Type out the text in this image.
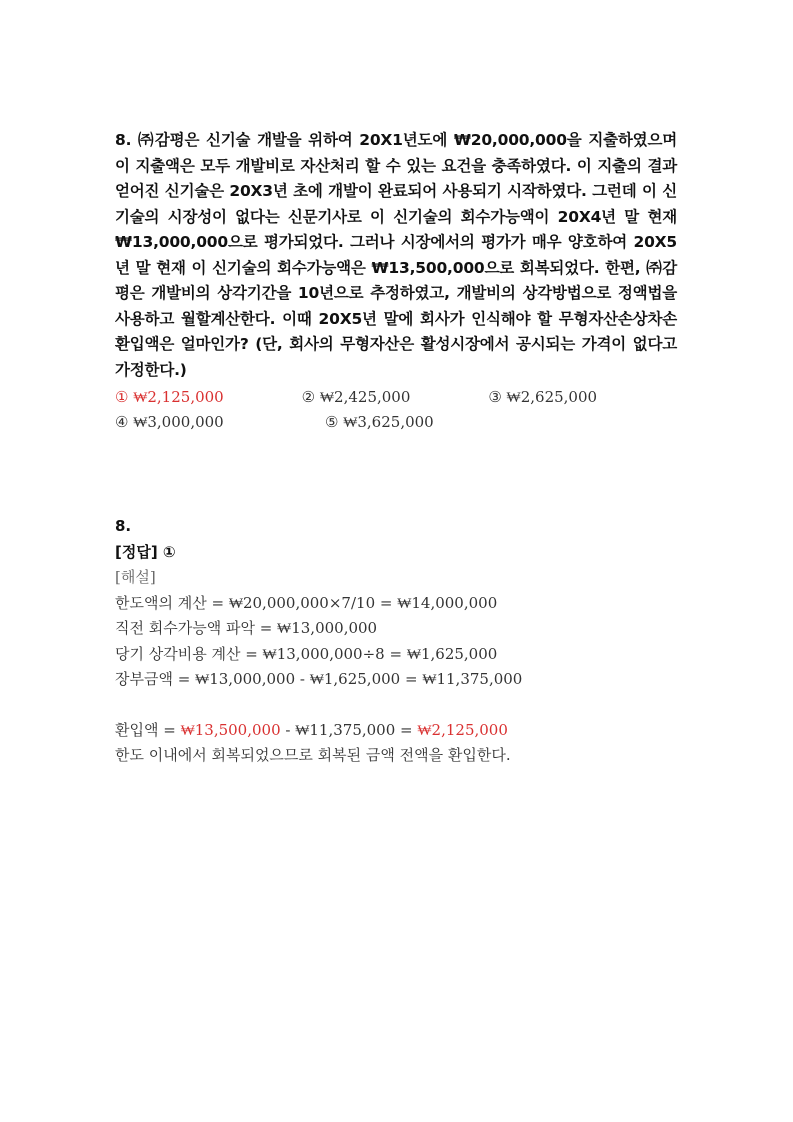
8. ㈜감평은 신기술 개발을 위하여 20X1년도에 ₩20,000,000을 지출하였으며 이 지출액은 모두 개발비로 자산처리 할 수 있는 요건을 충족하였다. 이 지출의 결과 얻어진 신기술은 20X3년 초에 개발이 완료되어 사용되기 시작하였다. 그런데 이 신기술의 시장성이 없다는 신문기사로 이 신기술의 회수가능액이 20X4년 말 현재 ₩13,000,000으로 평가되었다. 그러나 시장에서의 평가가 매우 양호하여 20X5년 말 현재 이 신기술의 회수가능액은 ₩13,500,000으로 회복되었다. 한편, ㈜감평은 개발비의 상각기간을 10년으로 추정하였고, 개발비의 상각방법으로 정액법을 사용하고 월할계산한다. 이때 20X5년 말에 회사가 인식해야 할 무형자산손상차손환입액은 얼마인가? (단, 회사의 무형자산은 활성시장에서 공시되는 가격이 없다고 가정한다.)
① ₩2,125,000	② ₩2,425,000	③ ₩2,625,000
④ ₩3,000,000	⑤ ₩3,625,000
8.
[정답] ①
[해설]
한도액의 계산 = ₩20,000,000×7/10 = ₩14,000,000
직전 회수가능액 파악 = ₩13,000,000
당기 상각비용 계산 = ₩13,000,000÷8 = ₩1,625,000
장부금액 = ₩13,000,000 - ₩1,625,000 = ₩11,375,000
환입액 = ₩13,500,000 - ₩11,375,000 = ₩2,125,000
한도 이내에서 회복되었으므로 회복된 금액 전액을 환입한다.
